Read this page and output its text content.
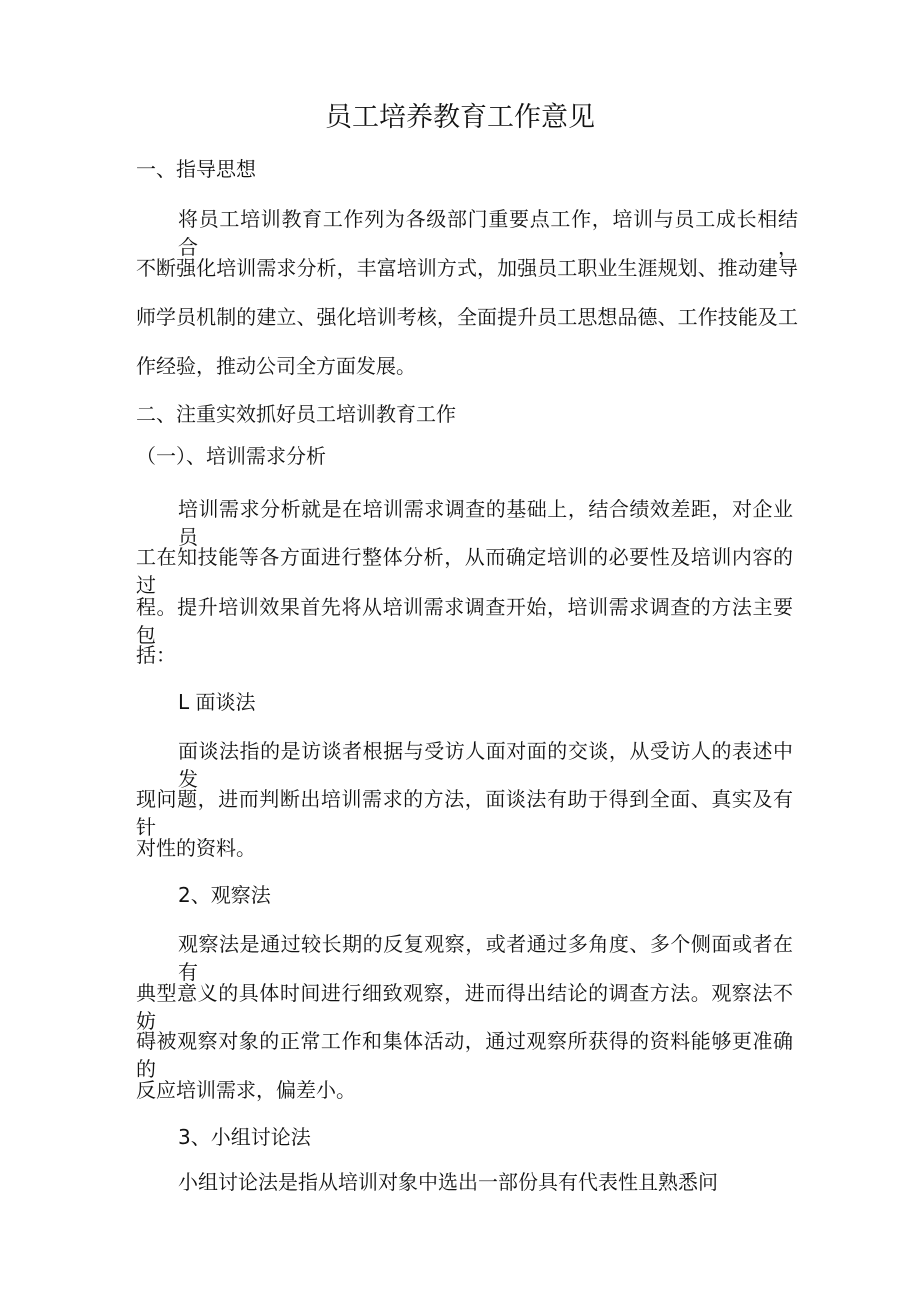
员工培养教育工作意见

一、指导思想

将员工培训教育工作列为各级部门重要点工作，培训与员工成长相结合，

不断强化培训需求分析，丰富培训方式，加强员工职业生涯规划、推动建导

师学员机制的建立、强化培训考核，全面提升员工思想品德、工作技能及工

作经验，推动公司全方面发展。

二、注重实效抓好员工培训教育工作

（一）、培训需求分析

培训需求分析就是在培训需求调查的基础上，结合绩效差距，对企业员

工在知技能等各方面进行整体分析，从而确定培训的必要性及培训内容的过

程。提升培训效果首先将从培训需求调查开始，培训需求调查的方法主要包

括：

L 面谈法

面谈法指的是访谈者根据与受访人面对面的交谈，从受访人的表述中发

现问题，进而判断出培训需求的方法，面谈法有助于得到全面、真实及有针

对性的资料。

2、观察法

观察法是通过较长期的反复观察，或者通过多角度、多个侧面或者在有

典型意义的具体时间进行细致观察，进而得出结论的调查方法。观察法不妨

碍被观察对象的正常工作和集体活动，通过观察所获得的资料能够更准确的

反应培训需求，偏差小。

3、小组讨论法

小组讨论法是指从培训对象中选出一部份具有代表性且熟悉问
